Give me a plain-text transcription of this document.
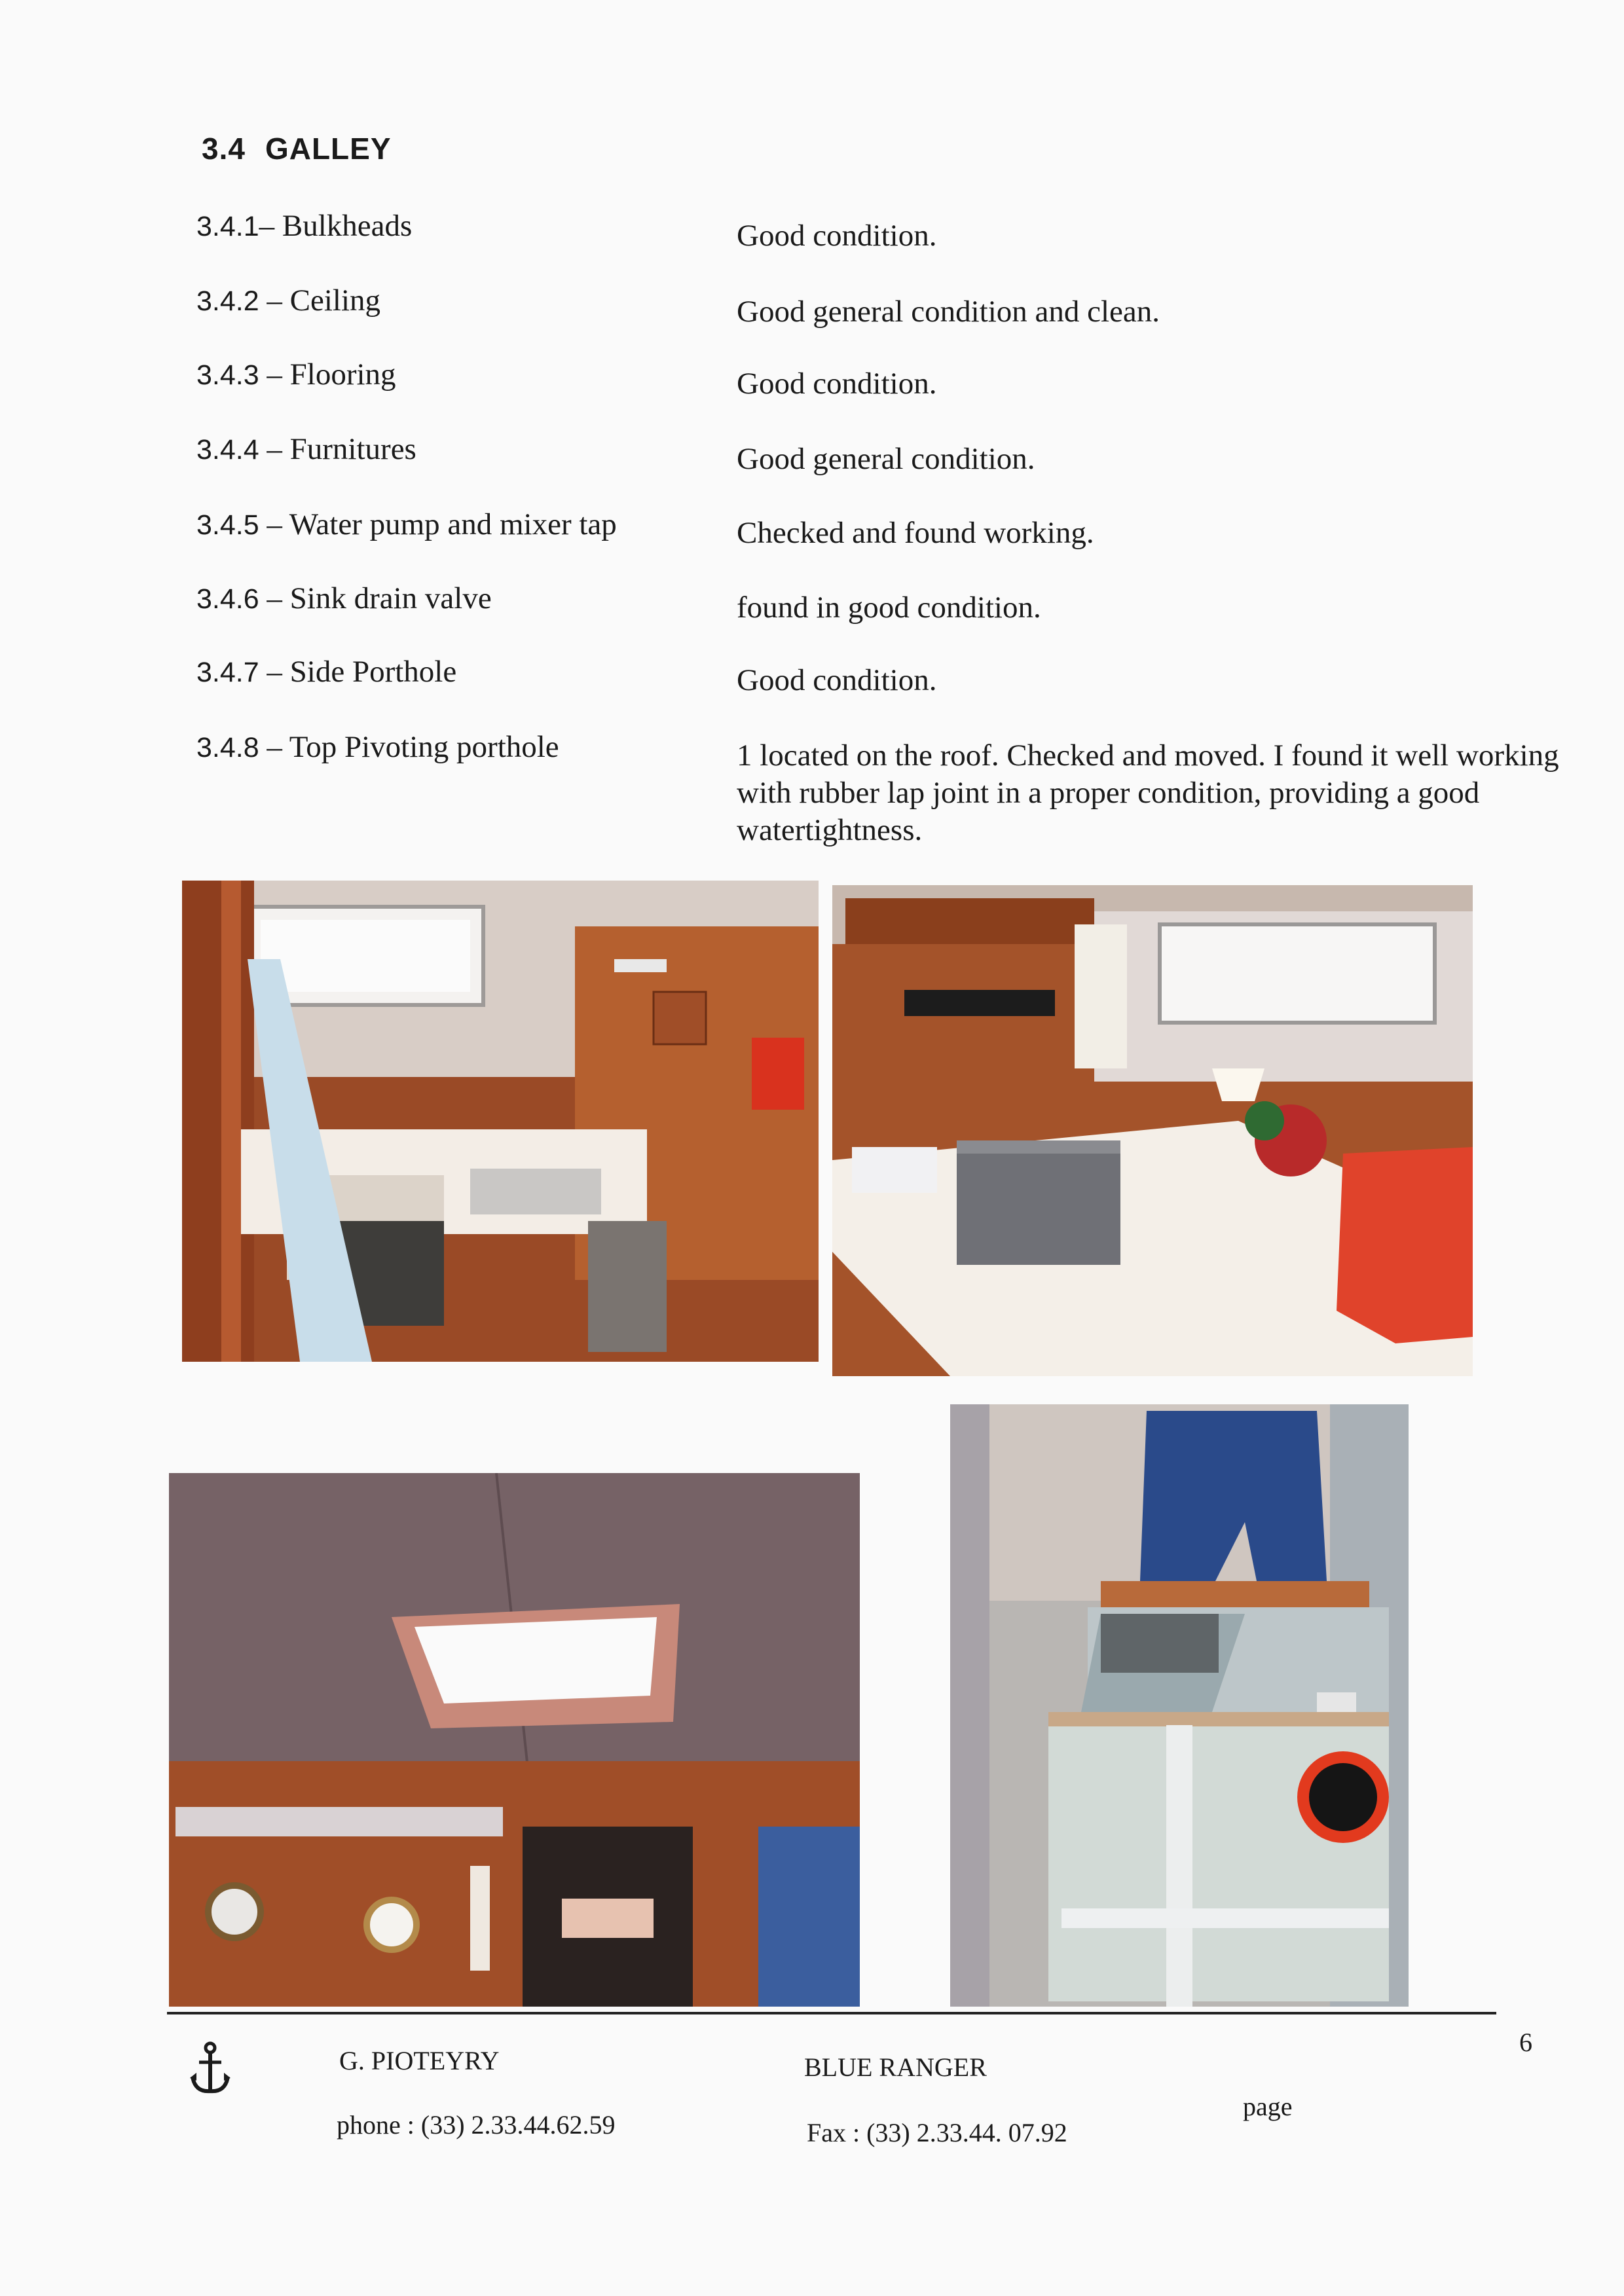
3.4 GALLEY
3.4.1– Bulkheads	Good condition.
3.4.2 – Ceiling	Good general condition and clean.
3.4.3 – Flooring	Good condition.
3.4.4 – Furnitures	Good general condition.
3.4.5 – Water pump and mixer tap	Checked and found working.
3.4.6 – Sink drain valve	found in good condition.
3.4.7 – Side Porthole	Good condition.
3.4.8 – Top Pivoting porthole	1 located on the roof. Checked and moved. I found it well working with rubber lap joint in a proper condition, providing a good watertightness.
G. PIOTEYRY
phone : (33) 2.33.44.62.59
BLUE RANGER
Fax : (33) 2.33.44. 07.92
page
6
